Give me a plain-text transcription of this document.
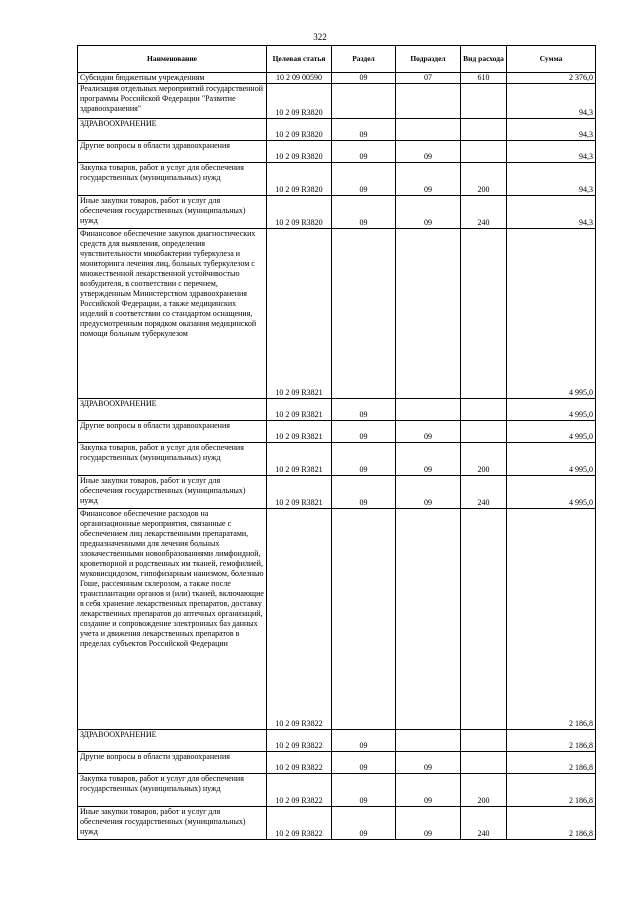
322
Наименование	Целевая статья	Раздел	Подраздел	Вид расхода	Сумма
Субсидии бюджетным учреждениям	10 2 09 00590	09	07	610	2 376,0
Реализация отдельных мероприятий государственной программы Российской Федерации "Развитие здравоохранения"	10 2 09 R3820				94,3
ЗДРАВООХРАНЕНИЕ	10 2 09 R3820	09			94,3
Другие вопросы в области здравоохранения	10 2 09 R3820	09	09		94,3
Закупка товаров, работ и услуг для обеспечения государственных (муниципальных) нужд	10 2 09 R3820	09	09	200	94,3
Иные закупки товаров, работ и услуг для обеспечения государственных (муниципальных) нужд	10 2 09 R3820	09	09	240	94,3
Финансовое обеспечение закупок диагностических средств для выявления, определения чувствительности микобактерии туберкулеза и мониторинга лечения лиц, больных туберкулезом с множественной лекарственной устойчивостью возбудителя, в соответствии с перечнем, утвержденным Министерством здравоохранения Российской Федерации, а также медицинских изделий в соответствии со стандартом оснащения, предусмотренным порядком оказания медицинской помощи больным туберкулезом	10 2 09 R3821				4 995,0
ЗДРАВООХРАНЕНИЕ	10 2 09 R3821	09			4 995,0
Другие вопросы в области здравоохранения	10 2 09 R3821	09	09		4 995,0
Закупка товаров, работ и услуг для обеспечения государственных (муниципальных) нужд	10 2 09 R3821	09	09	200	4 995,0
Иные закупки товаров, работ и услуг для обеспечения государственных (муниципальных) нужд	10 2 09 R3821	09	09	240	4 995,0
Финансовое обеспечение расходов на организационные мероприятия, связанные с обеспечением лиц лекарственными препаратами, предназначенными для лечения больных злокачественными новообразованиями лимфоидной, кроветворной и родственных им тканей, гемофилией, муковисцидозом, гипофизарным нанизмом, болезнью Гоше, рассеянным склерозом, а также после трансплантации органов и (или) тканей, включающие в себя хранение лекарственных препаратов, доставку лекарственных препаратов до аптечных организаций, создание и сопровождение электронных баз данных учета и движения лекарственных препаратов в пределах субъектов Российской Федерации	10 2 09 R3822				2 186,8
ЗДРАВООХРАНЕНИЕ	10 2 09 R3822	09			2 186,8
Другие вопросы в области здравоохранения	10 2 09 R3822	09	09		2 186,8
Закупка товаров, работ и услуг для обеспечения государственных (муниципальных) нужд	10 2 09 R3822	09	09	200	2 186,8
Иные закупки товаров, работ и услуг для обеспечения государственных (муниципальных) нужд	10 2 09 R3822	09	09	240	2 186,8
